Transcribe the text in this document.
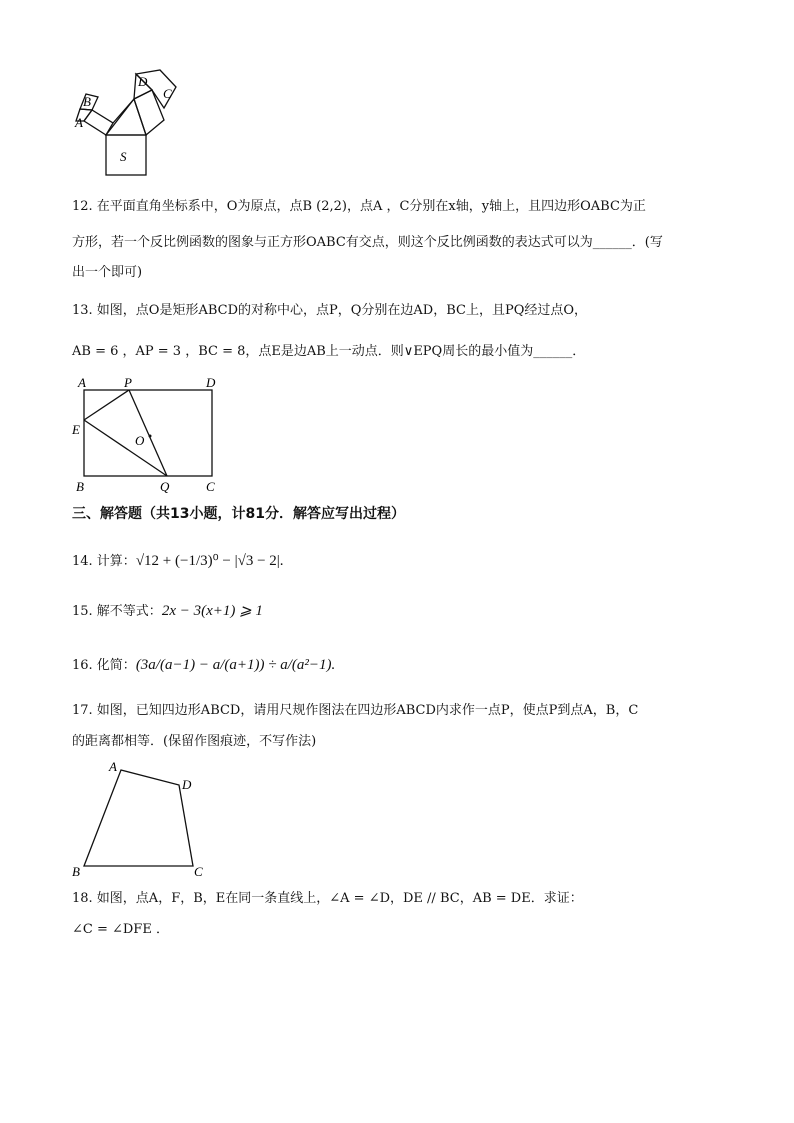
A
B
D
C
S
12. 在平面直角坐标系中，O为原点，点B (2,2)，点A ，C分别在x轴，y轴上，且四边形OABC为正
方形，若一个反比例函数的图象与正方形OABC有交点，则这个反比例函数的表达式可以为______．(写
出一个即可)
13. 如图，点O是矩形ABCD的对称中心，点P，Q分别在边AD，BC上，且PQ经过点O，
AB = 6 ，AP = 3 ，BC = 8，点E是边AB上一动点．则∨EPQ周长的最小值为______．
A	P	D
E
O
B	Q	C
三、解答题（共13小题，计81分．解答应写出过程）
14. 计算：√12 + (−1/3)⁰ − |√3 − 2|.
15. 解不等式：2x − 3(x+1) ⩾ 1
16. 化简：(3a/(a−1) − a/(a+1)) ÷ a/(a²−1).
17. 如图，已知四边形ABCD，请用尺规作图法在四边形ABCD内求作一点P，使点P到点A，B，C
的距离都相等．(保留作图痕迹，不写作法)
A
D
B	C
18. 如图，点A，F，B，E在同一条直线上，∠A = ∠D，DE // BC，AB = DE．求证：
∠C = ∠DFE ．
